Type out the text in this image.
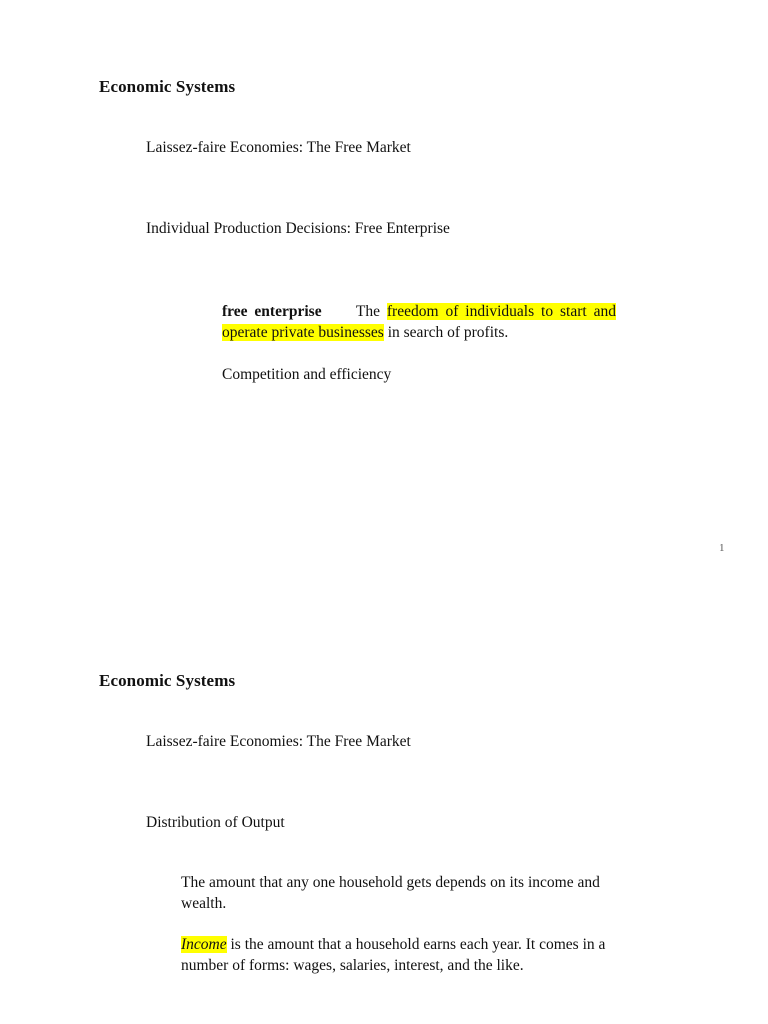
Economic Systems
Laissez-faire Economies: The Free Market
Individual Production Decisions: Free Enterprise
free enterprise The freedom of individuals to start and operate private businesses in search of profits.
Competition and efficiency
1
Economic Systems
Laissez-faire Economies: The Free Market
Distribution of Output
The amount that any one household gets depends on its income and wealth.
Income is the amount that a household earns each year. It comes in a number of forms: wages, salaries, interest, and the like.
